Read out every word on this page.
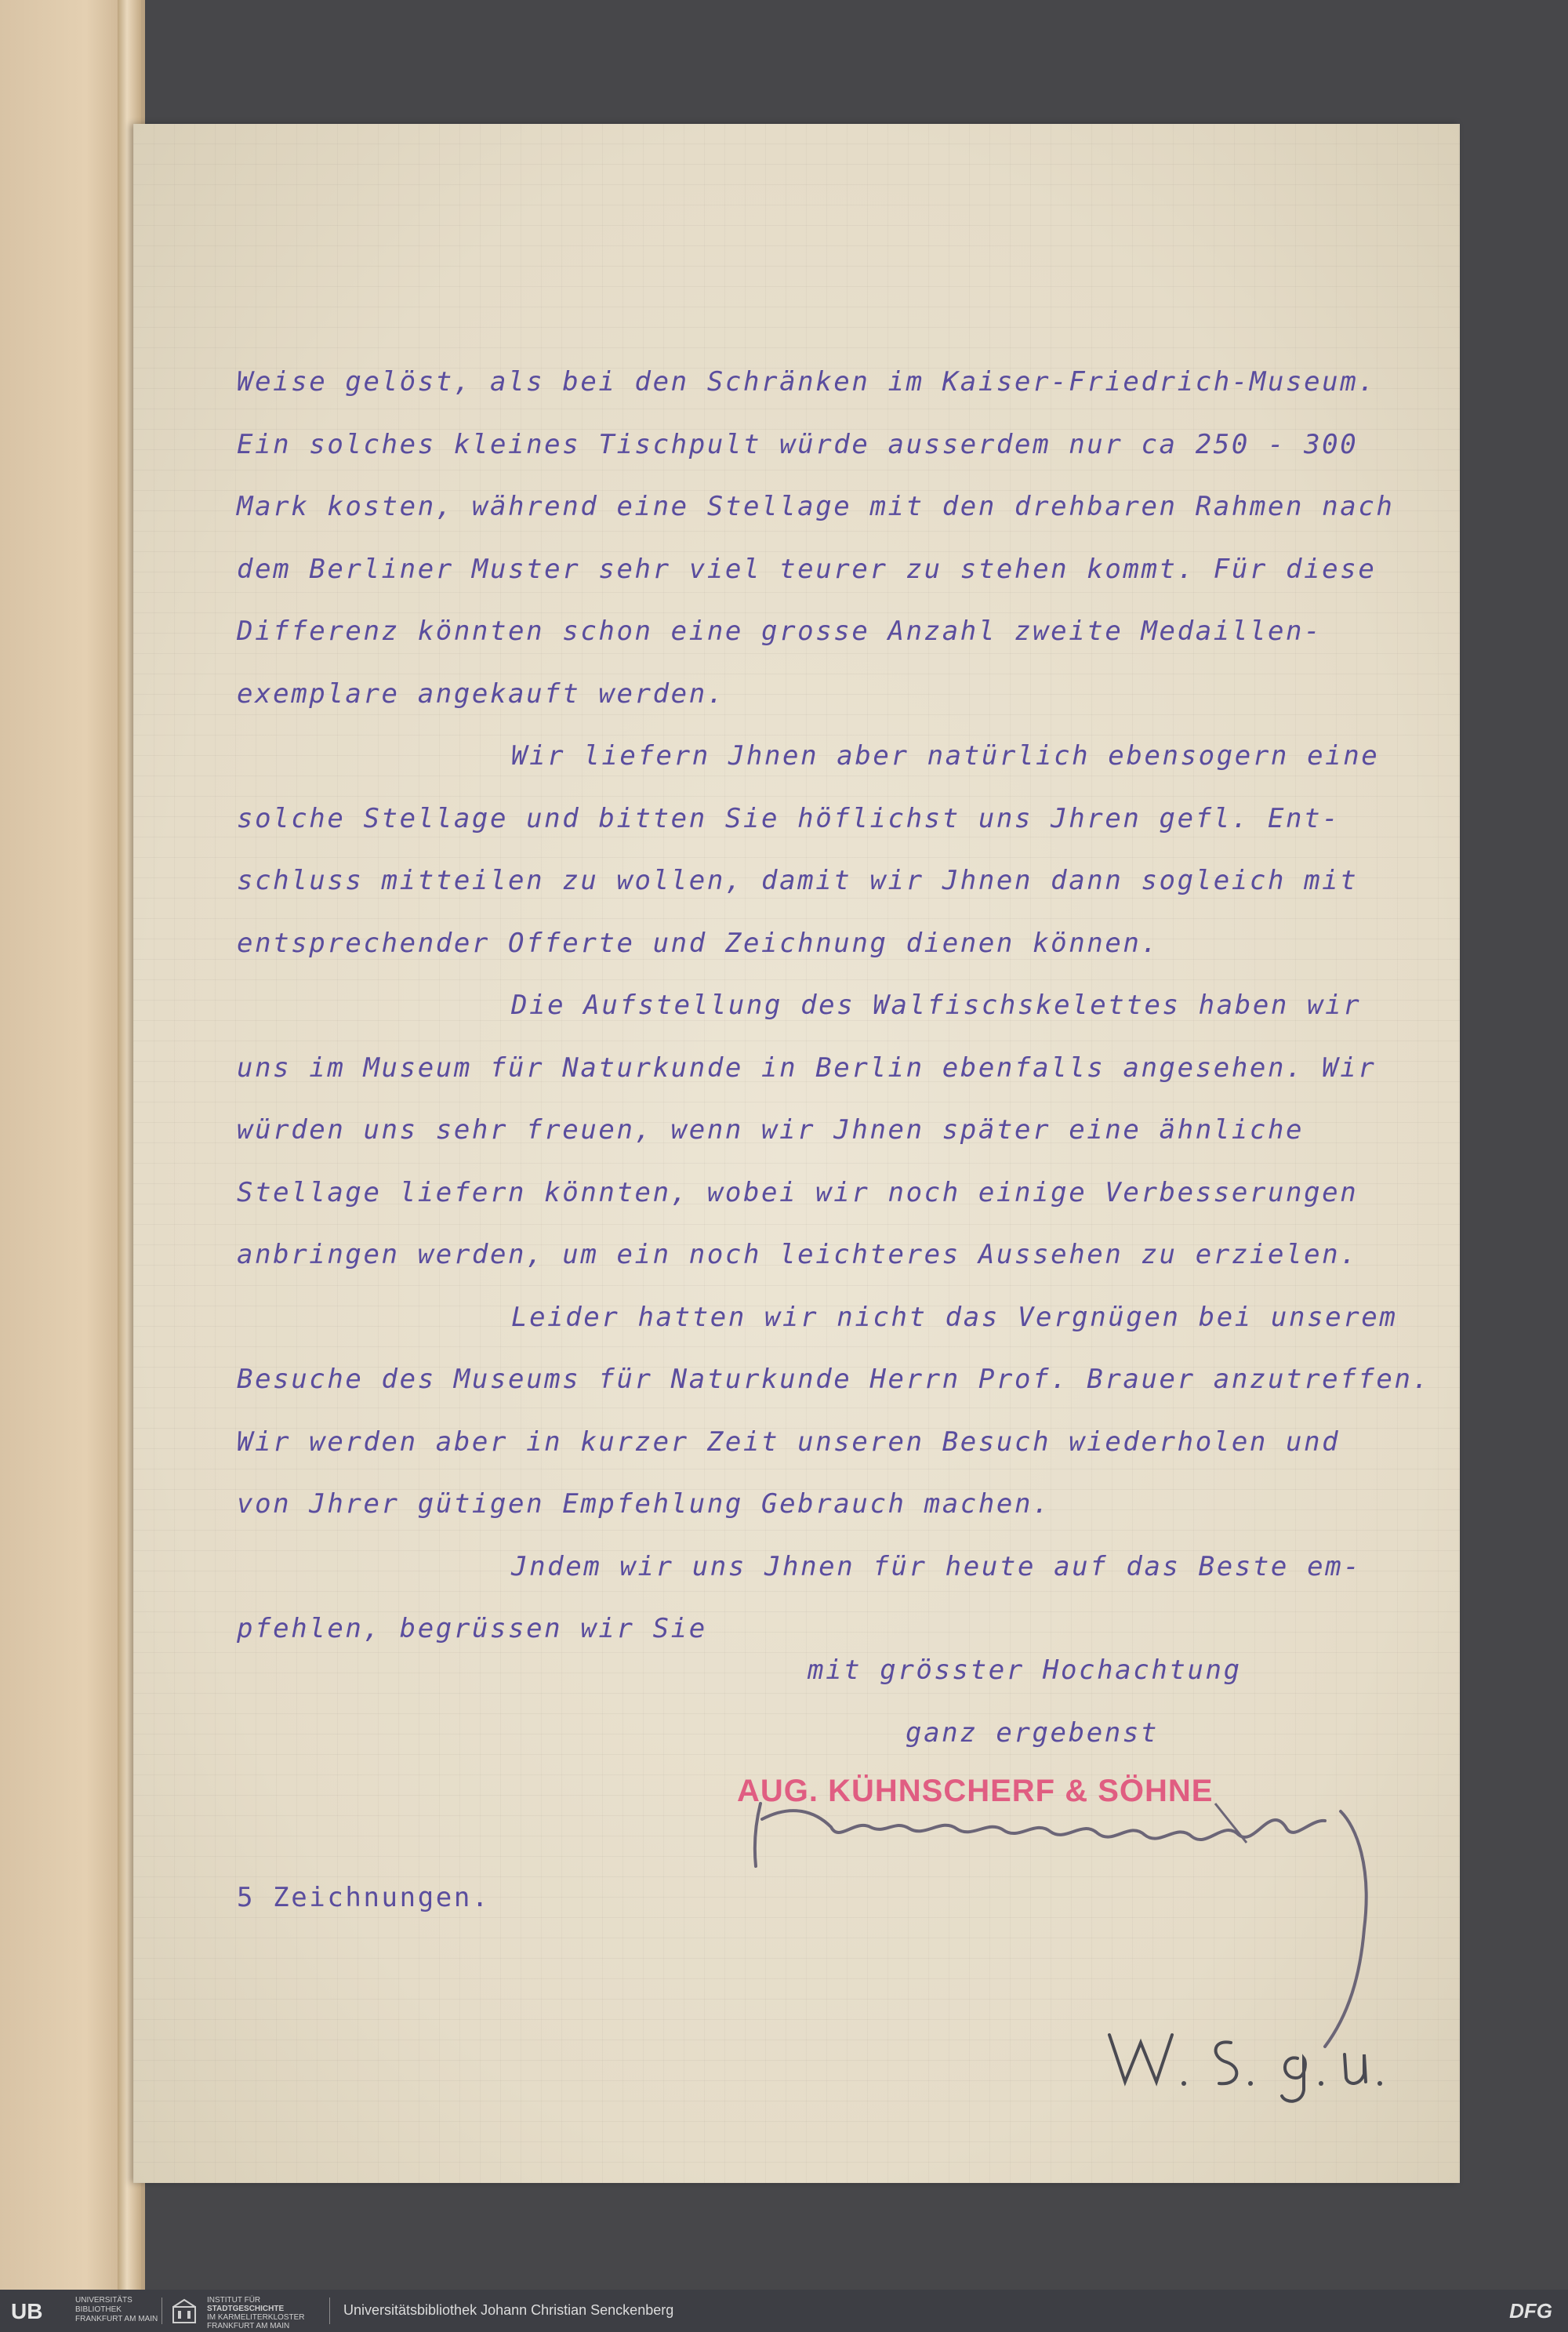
Weise gelöst, als bei den Schränken im Kaiser-Friedrich-Museum.
Ein solches kleines Tischpult würde ausserdem nur ca 250 - 300
Mark kosten, während eine Stellage mit den drehbaren Rahmen nach
dem Berliner Muster sehr viel teurer zu stehen kommt. Für diese
Differenz könnten schon eine grosse Anzahl zweite Medaillen-
exemplare angekauft werden.
Wir liefern Jhnen aber natürlich ebensogern eine
solche Stellage und bitten Sie höflichst uns Jhren gefl. Ent-
schluss mitteilen zu wollen, damit wir Jhnen dann sogleich mit
entsprechender Offerte und Zeichnung dienen können.
Die Aufstellung des Walfischskelettes haben wir
uns im Museum für Naturkunde in Berlin ebenfalls angesehen. Wir
würden uns sehr freuen, wenn wir Jhnen später eine ähnliche
Stellage liefern könnten, wobei wir noch einige Verbesserungen
anbringen werden, um ein noch leichteres Aussehen zu erzielen.
Leider hatten wir nicht das Vergnügen bei unserem
Besuche des Museums für Naturkunde Herrn Prof. Brauer anzutreffen.
Wir werden aber in kurzer Zeit unseren Besuch wiederholen und
von Jhrer gütigen Empfehlung Gebrauch machen.
Jndem wir uns Jhnen für heute auf das Beste em-
pfehlen, begrüssen wir Sie
mit grösster Hochachtung
ganz ergebenst
AUG. KÜHNSCHERF & SÖHNE
5 Zeichnungen.
UB	UNIVERSITÄTS
BIBLIOTHEK
FRANKFURT AM MAIN
INSTITUT FÜR
STADTGESCHICHTE
IM KARMELITERKLOSTER
FRANKFURT AM MAIN
Universitätsbibliothek Johann Christian Senckenberg	DFG
